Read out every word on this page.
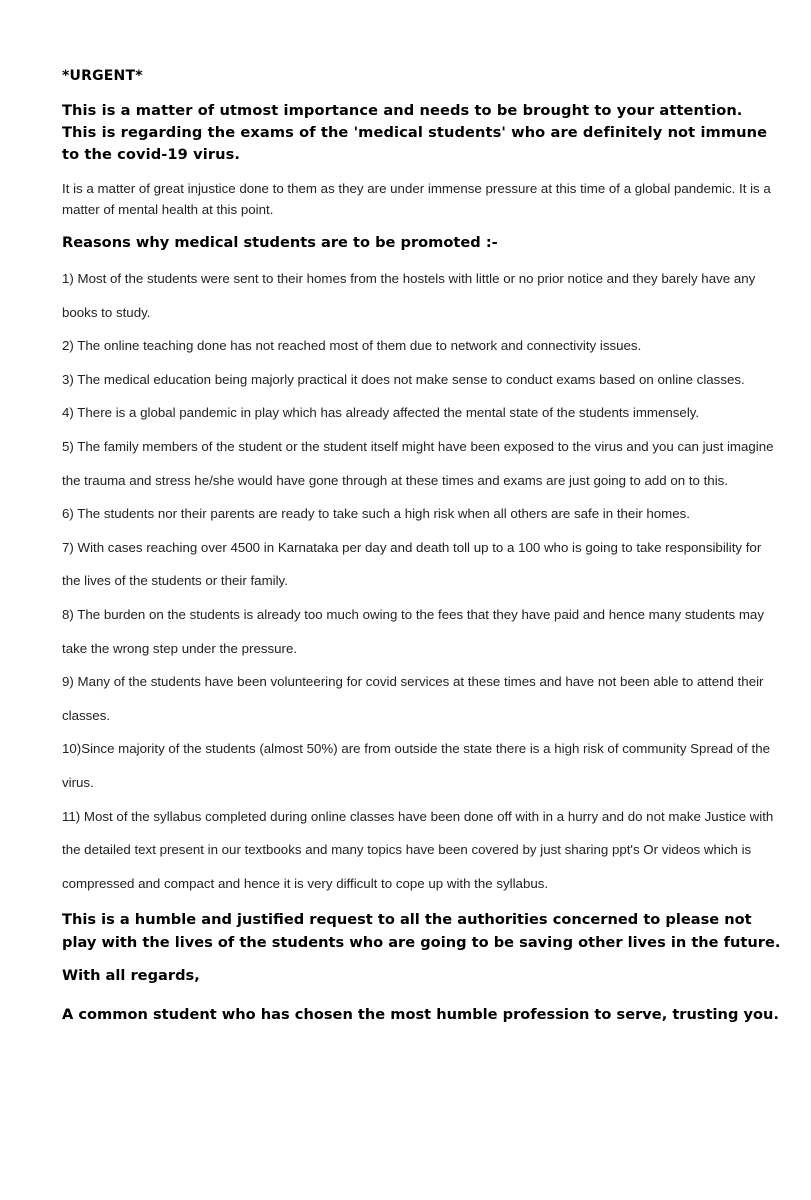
*URGENT*

This is a matter of utmost importance and needs to be brought to your attention. This is regarding the exams of the 'medical students' who are definitely not immune to the covid-19 virus.

It is a matter of great injustice done to them as they are under immense pressure at this time of a global pandemic. It is a matter of mental health at this point.

Reasons why medical students are to be promoted :-

1) Most of the students were sent to their homes from the hostels with little or no prior notice and they barely have any books to study.
2) The online teaching done has not reached most of them due to network and connectivity issues.
3) The medical education being majorly practical it does not make sense to conduct exams based on online classes.
4) There is a global pandemic in play which has already affected the mental state of the students immensely.
5) The family members of the student or the student itself might have been exposed to the virus and you can just imagine the trauma and stress he/she would have gone through at these times and exams are just going to add on to this.
6) The students nor their parents are ready to take such a high risk when all others are safe in their homes.
7) With cases reaching over 4500 in Karnataka per day and death toll up to a 100 who is going to take responsibility for the lives of the students or their family.
8) The burden on the students is already too much owing to the fees that they have paid and hence many students may take the wrong step under the pressure.
9) Many of the students have been volunteering for covid services at these times and have not been able to attend their classes.
10)Since majority of the students (almost 50%) are from outside the state there is a high risk of community Spread of the virus.
11) Most of the syllabus completed during online classes have been done off with in a hurry and do not make Justice with the detailed text present in our textbooks and many topics have been covered by just sharing ppt's Or videos which is compressed and compact and hence it is very difficult to cope up with the syllabus.

This is a humble and justified request to all the authorities concerned to please not play with the lives of the students who are going to be saving other lives in the future.

With all regards,

A common student who has chosen the most humble profession to serve, trusting you.
